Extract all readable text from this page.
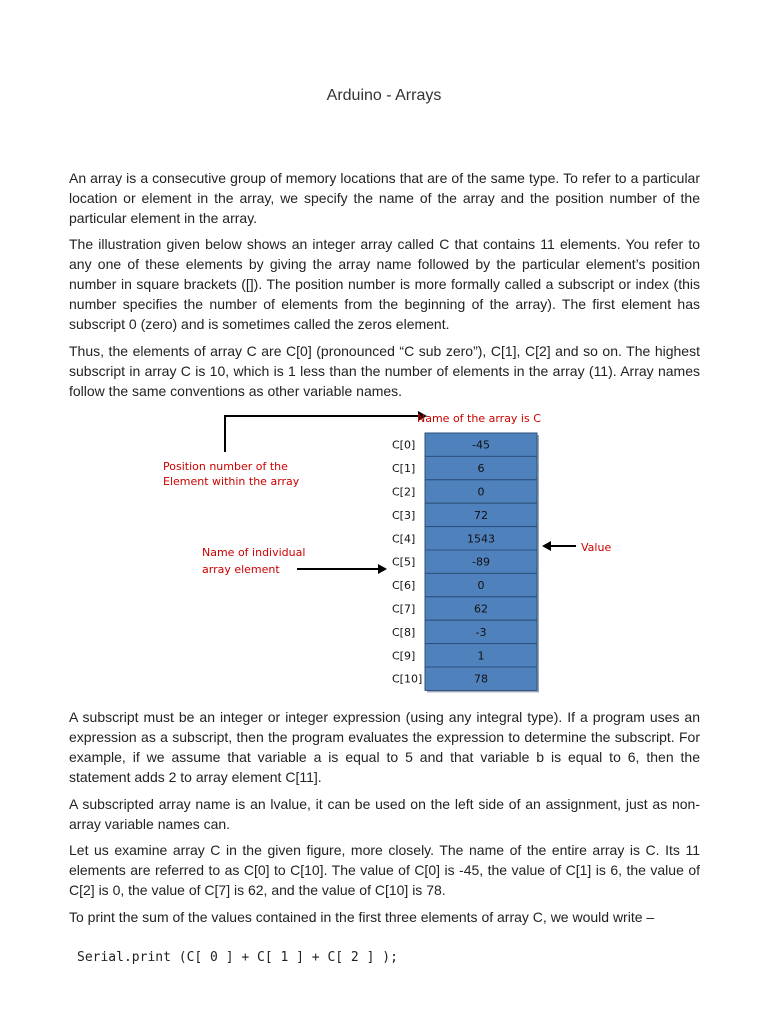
Arduino - Arrays

An array is a consecutive group of memory locations that are of the same type. To refer to a particular location or element in the array, we specify the name of the array and the position number of the particular element in the array.

The illustration given below shows an integer array called C that contains 11 elements. You refer to any one of these elements by giving the array name followed by the particular element’s position number in square brackets ([]). The position number is more formally called a subscript or index (this number specifies the number of elements from the beginning of the array). The first element has subscript 0 (zero) and is sometimes called the zeros element.

Thus, the elements of array C are C[0] (pronounced “C sub zero”), C[1], C[2] and so on. The highest subscript in array C is 10, which is 1 less than the number of elements in the array (11). Array names follow the same conventions as other variable names.

-45
6
0
72
1543
-89
0
62
-3
1
78
C[0]
C[1]
C[2]
C[3]
C[4]
C[5]
C[6]
C[7]
C[8]
C[9]
C[10]
Name of the array is C
Position number of the
Element within the array
Name of individual
array element
Value

A subscript must be an integer or integer expression (using any integral type). If a program uses an expression as a subscript, then the program evaluates the expression to determine the subscript. For example, if we assume that variable a is equal to 5 and that variable b is equal to 6, then the statement adds 2 to array element C[11].

A subscripted array name is an lvalue, it can be used on the left side of an assignment, just as non-array variable names can.

Let us examine array C in the given figure, more closely. The name of the entire array is C. Its 11 elements are referred to as C[0] to C[10]. The value of C[0] is -45, the value of C[1] is 6, the value of C[2] is 0, the value of C[7] is 62, and the value of C[10] is 78.

To print the sum of the values contained in the first three elements of array C, we would write –

Serial.print (C[ 0 ] + C[ 1 ] + C[ 2 ] );
